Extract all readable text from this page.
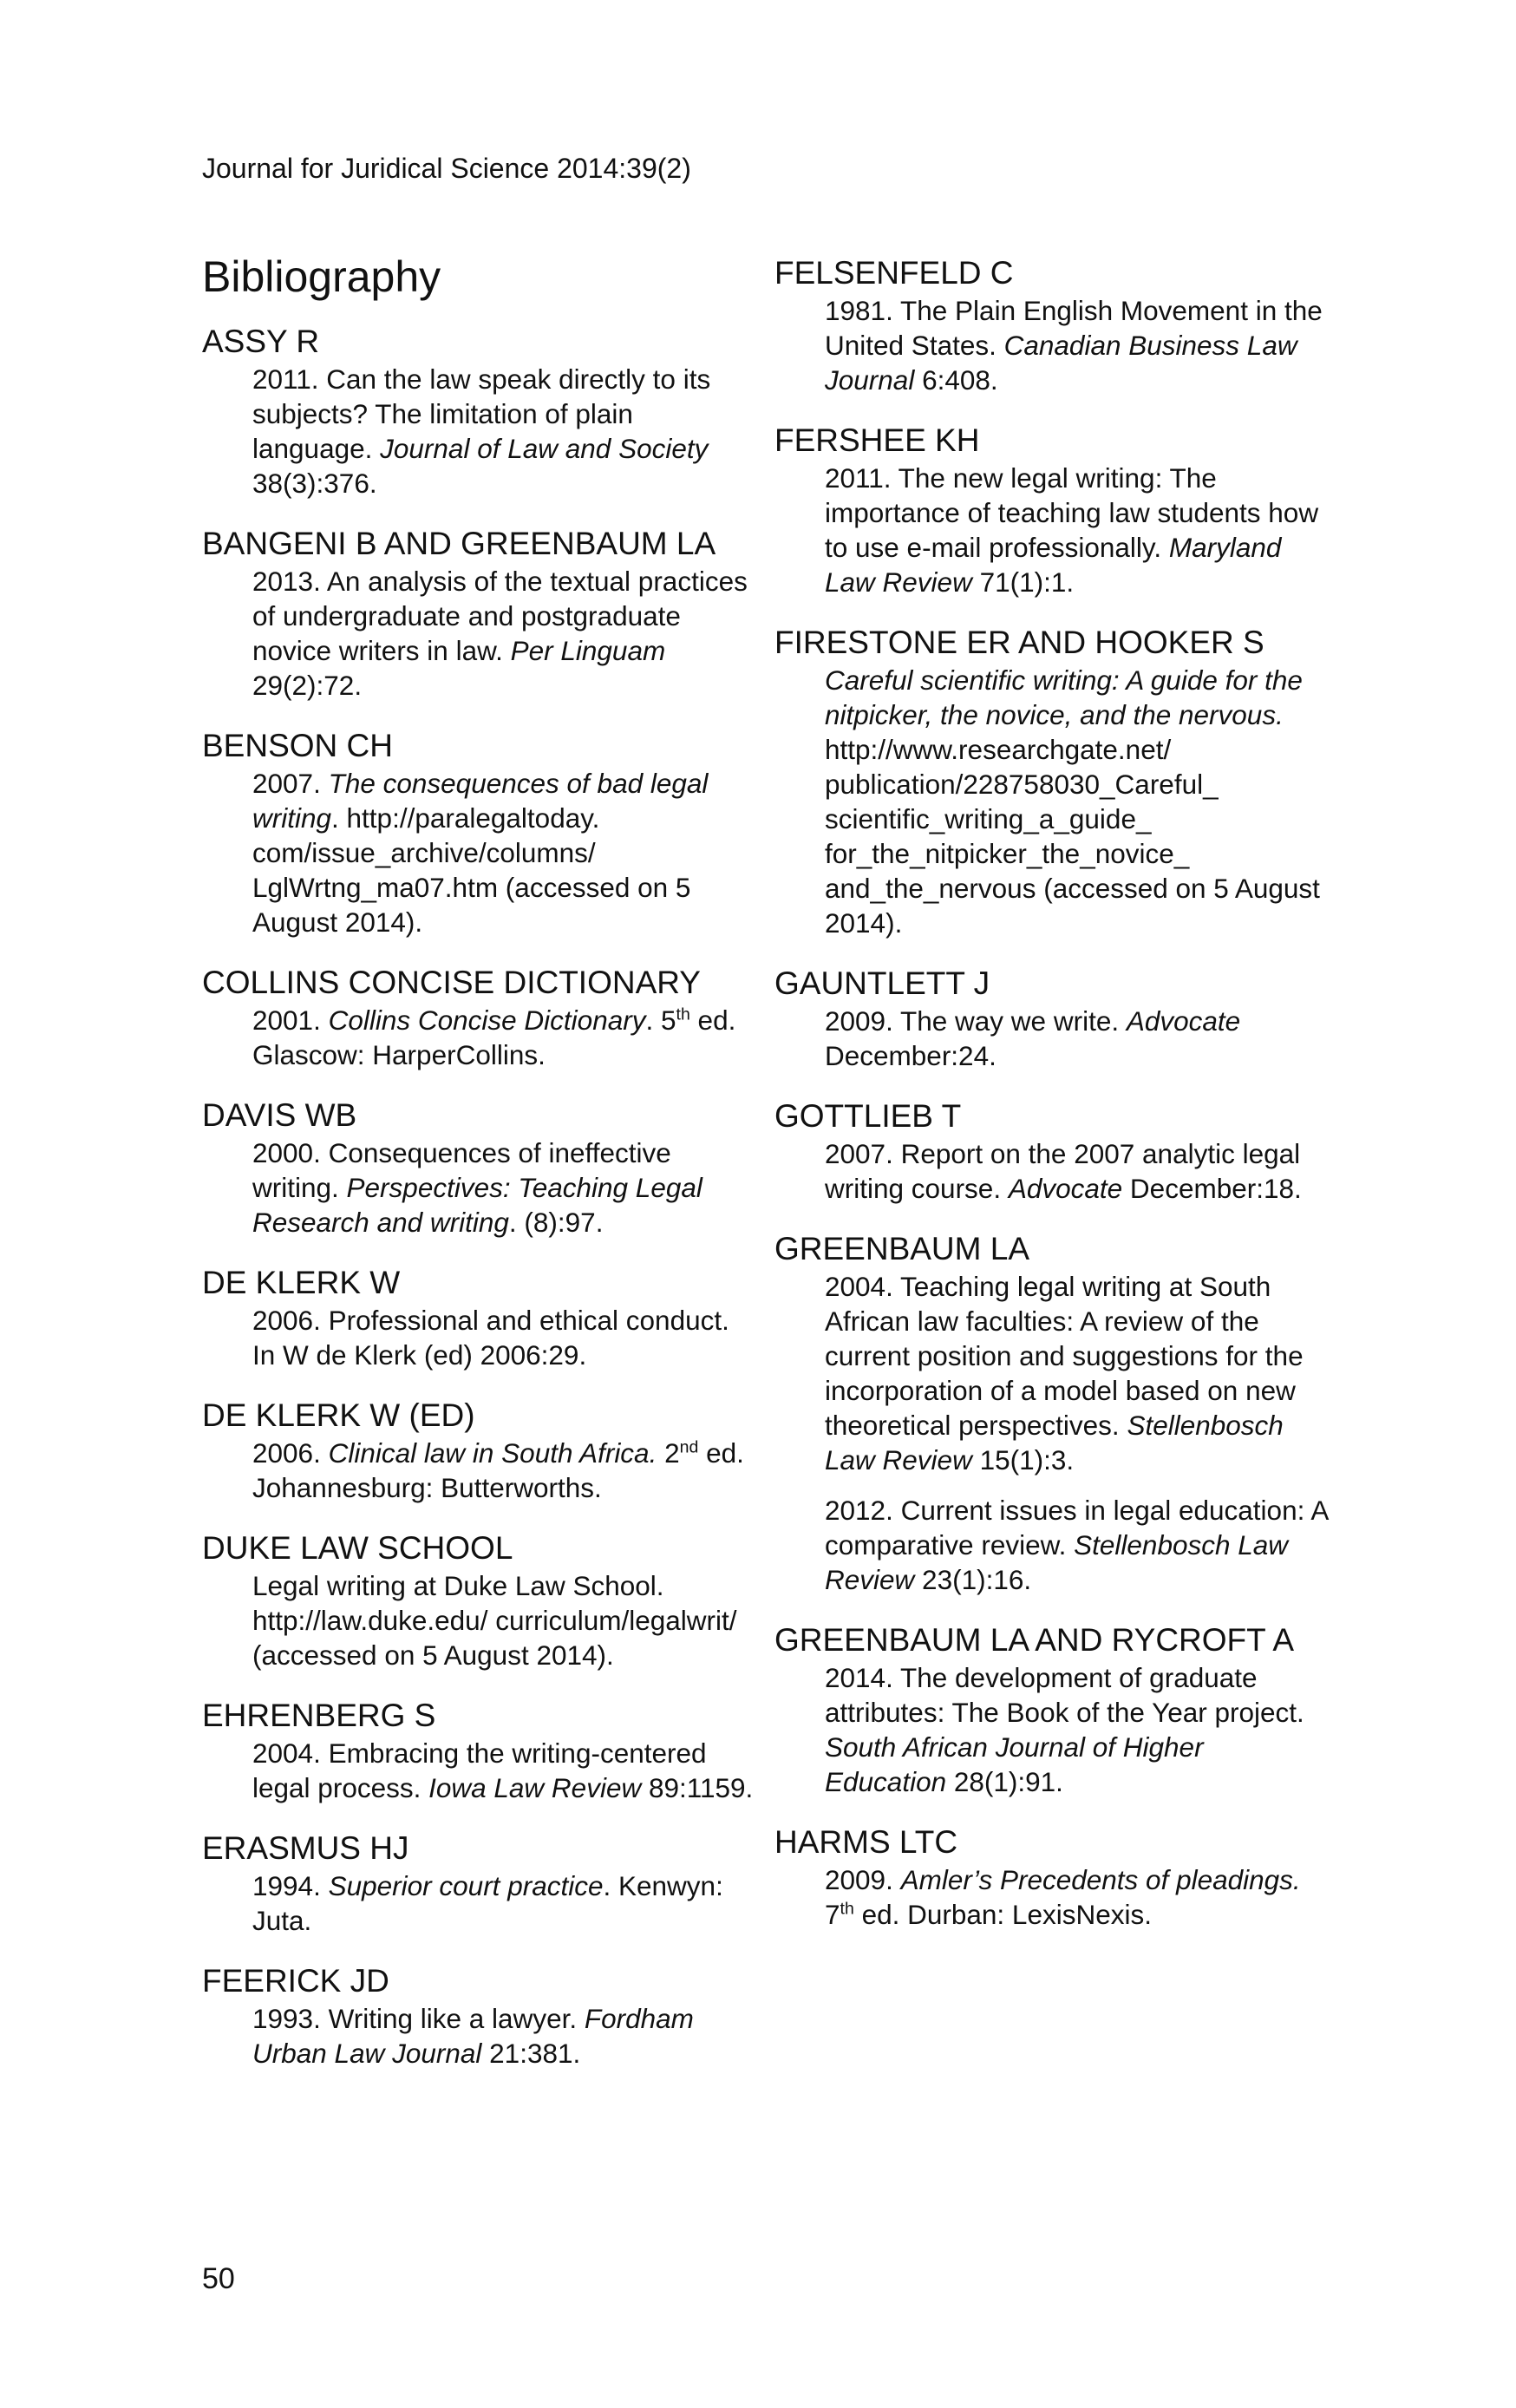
Journal for Juridical Science 2014:39(2)
Bibliography
ASSY R
2011. Can the law speak directly to its subjects? The limitation of plain language. Journal of Law and Society 38(3):376.
BANGENI B AND GREENBAUM LA
2013. An analysis of the textual practices of undergraduate and postgraduate novice writers in law. Per Linguam 29(2):72.
BENSON CH
2007. The consequences of bad legal writing. http://paralegaltoday. com/issue_archive/columns/ LglWrtng_ma07.htm (accessed on 5 August 2014).
COLLINS CONCISE DICTIONARY
2001. Collins Concise Dictionary. 5th ed. Glascow: HarperCollins.
DAVIS WB
2000. Consequences of ineffective writing. Perspectives: Teaching Legal Research and writing. (8):97.
DE KLERK W
2006. Professional and ethical conduct. In W de Klerk (ed) 2006:29.
DE KLERK W (ED)
2006. Clinical law in South Africa. 2nd ed. Johannesburg: Butterworths.
DUKE LAW SCHOOL
Legal writing at Duke Law School. http://law.duke.edu/ curriculum/legalwrit/ (accessed on 5 August 2014).
EHRENBERG S
2004. Embracing the writing-centered legal process. Iowa Law Review 89:1159.
ERASMUS HJ
1994. Superior court practice. Kenwyn: Juta.
FEERICK JD
1993. Writing like a lawyer. Fordham Urban Law Journal 21:381.
FELSENFELD C
1981. The Plain English Movement in the United States. Canadian Business Law Journal 6:408.
FERSHEE KH
2011. The new legal writing: The importance of teaching law students how to use e-mail professionally. Maryland Law Review 71(1):1.
FIRESTONE ER AND HOOKER S
Careful scientific writing: A guide for the nitpicker, the novice, and the nervous. http://www.researchgate.net/ publication/228758030_Careful_ scientific_writing_a_guide_ for_the_nitpicker_the_novice_ and_the_nervous (accessed on 5 August 2014).
GAUNTLETT J
2009. The way we write. Advocate December:24.
GOTTLIEB T
2007. Report on the 2007 analytic legal writing course. Advocate December:18.
GREENBAUM LA
2004. Teaching legal writing at South African law faculties: A review of the current position and suggestions for the incorporation of a model based on new theoretical perspectives. Stellenbosch Law Review 15(1):3.
2012. Current issues in legal education: A comparative review. Stellenbosch Law Review 23(1):16.
GREENBAUM LA AND RYCROFT A
2014. The development of graduate attributes: The Book of the Year project. South African Journal of Higher Education 28(1):91.
HARMS LTC
2009. Amler’s Precedents of pleadings. 7th ed. Durban: LexisNexis.
50
